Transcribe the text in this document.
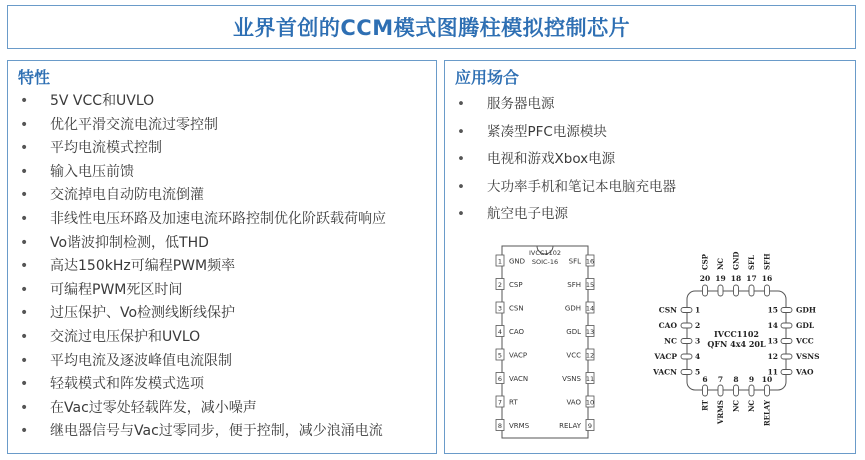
业界首创的CCM模式图腾柱模拟控制芯片
特性
• 5V VCC和UVLO
• 优化平滑交流电流过零控制
• 平均电流模式控制
• 输入电压前馈
• 交流掉电自动防电流倒灌
• 非线性电压环路及加速电流环路控制优化阶跃载荷响应
• Vo谐波抑制检测，低THD
• 高达150kHz可编程PWM频率
• 可编程PWM死区时间
• 过压保护、Vo检测线断线保护
• 交流过电压保护和UVLO
• 平均电流及逐波峰值电流限制
• 轻载模式和阵发模式选项
• 在Vac过零处轻载阵发，减小噪声
• 继电器信号与Vac过零同步，便于控制，减少浪涌电流
应用场合
• 服务器电源
• 紧凑型PFC电源模块
• 电视和游戏Xbox电源
• 大功率手机和笔记本电脑充电器
• 航空电子电源
IVCC1102
SOIC-16
1 GND
2 CSP
3 CSN
4 CAO
5 VACP
6 VACN
7 RT
8 VRMS
16
SFL
15
SFH
14
GDH
13
GDL
12
VCC
11
VSNS
10
VAO
9
RELAY
IVCC1102
QFN 4x4 20L
20
CSP
19
NC
18
GND
17
SFL
16
SFH
1
CSN
2
CAO
3
NC
4
VACP
5
VACN
15 GDH
14 GDL
13 VCC
12 VSNS
11 VAO
6
RT
7
VRMS
8
NC
9
NC
10
RELAY
